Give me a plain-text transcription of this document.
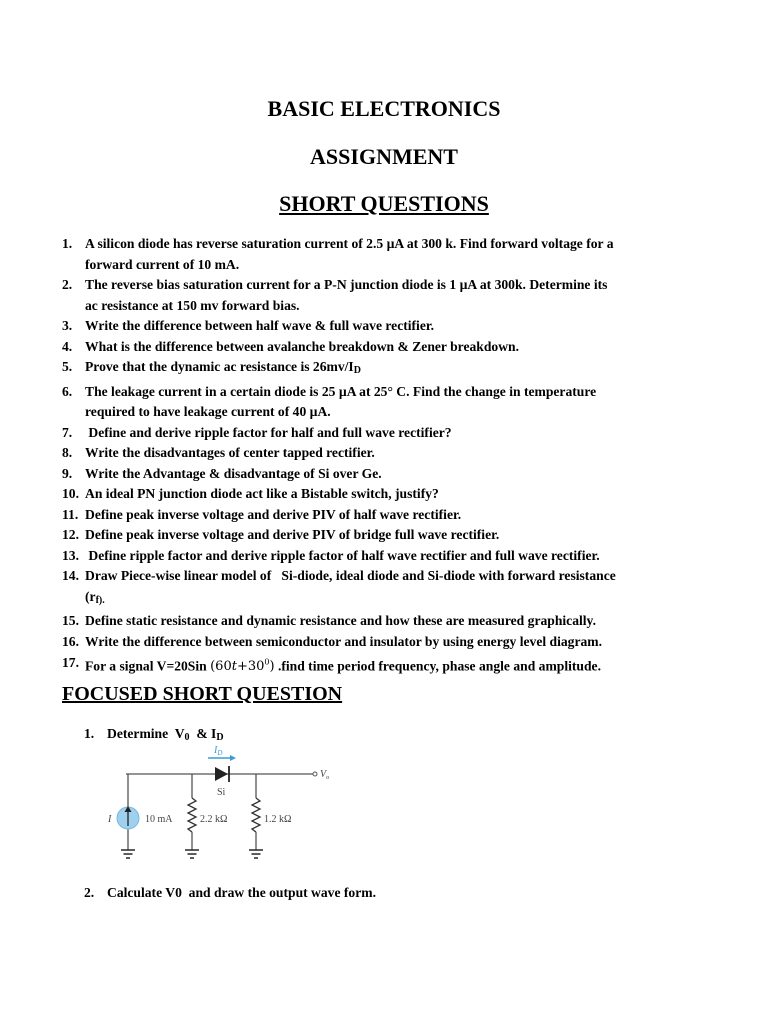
BASIC ELECTRONICS
ASSIGNMENT
SHORT QUESTIONS
1. A silicon diode has reverse saturation current of 2.5 µA at 300 k. Find forward voltage for a
forward current of 10 mA.
2. The reverse bias saturation current for a P-N junction diode is 1 µA at 300k. Determine its
ac resistance at 150 mv forward bias.
3. Write the difference between half wave & full wave rectifier.
4. What is the difference between avalanche breakdown & Zener breakdown.
5. Prove that the dynamic ac resistance is $26mv/I_D$
6. The leakage current in a certain diode is 25 µA at 25° C. Find the change in temperature
required to have leakage current of 40 µA.
7. Define and derive ripple factor for half and full wave rectifier?
8. Write the disadvantages of center tapped rectifier.
9. Write the Advantage & disadvantage of Si over Ge.
10. An ideal PN junction diode act like a Bistable switch, justify?
11. Define peak inverse voltage and derive PIV of half wave rectifier.
12. Define peak inverse voltage and derive PIV of bridge full wave rectifier.
13. Define ripple factor and derive ripple factor of half wave rectifier and full wave rectifier.
14. Draw Piece-wise linear model of   Si-diode, ideal diode and Si-diode with forward resistance
($r_{f).}$
15. Define static resistance and dynamic resistance and how these are measured graphically.
16. Write the difference between semiconductor and insulator by using energy level diagram.
17. For a signal V=20Sin $(60t+30^0)$ .find time period frequency, phase angle and amplitude.
FOCUSED SHORT QUESTION
1. Determine  $V_0$  & $I_D$
I	10 mA	2.2 kΩ	1.2 kΩ
Si
$I_D$
$V_o$
2. Calculate V0  and draw the output wave form.
